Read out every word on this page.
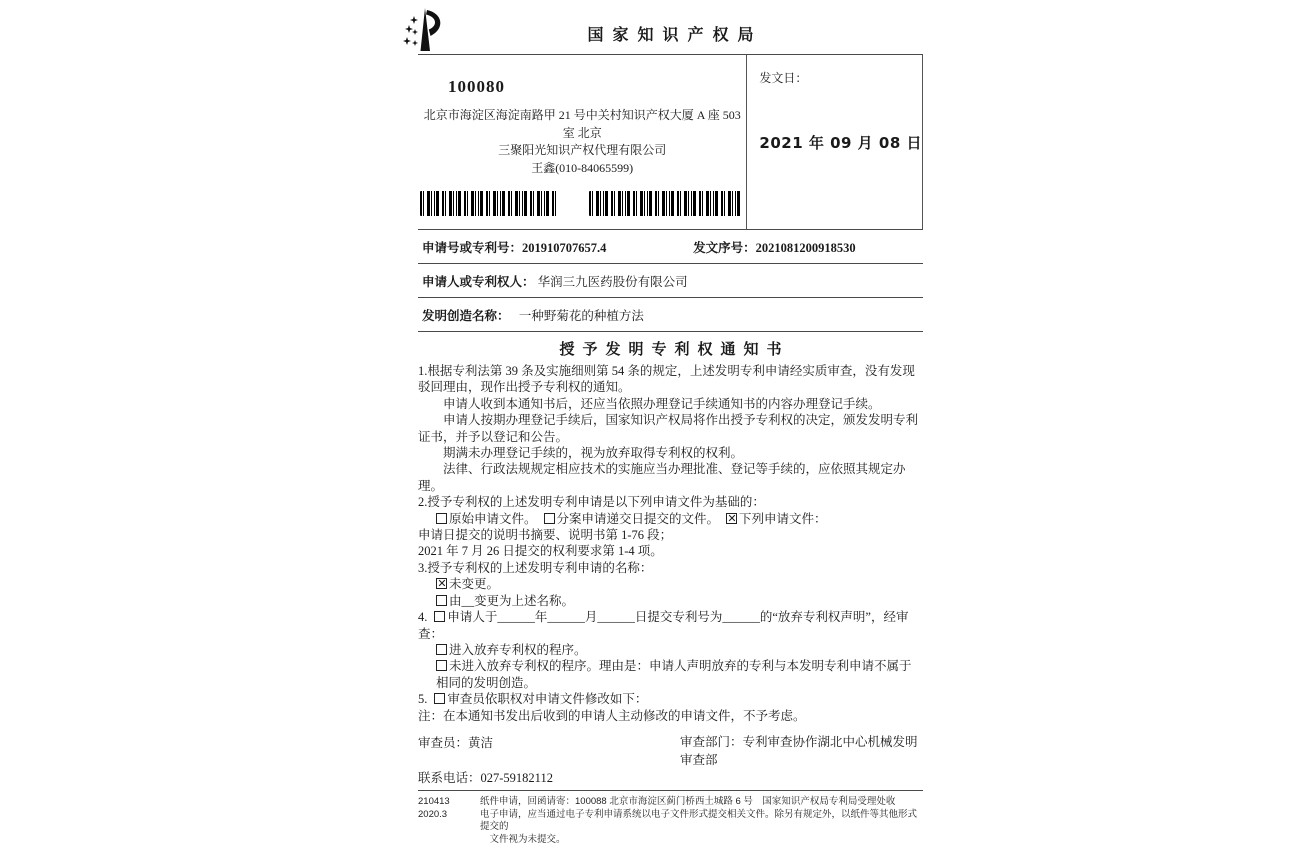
国家知识产权局
100080
北京市海淀区海淀南路甲 21 号中关村知识产权大厦 A 座 503 室 北京
三聚阳光知识产权代理有限公司
王鑫(010-84065599)
发文日：
2021 年 09 月 08 日
申请号或专利号：201910707657.4	发文序号：2021081200918530
申请人或专利权人： 华润三九医药股份有限公司
发明创造名称： 一种野菊花的种植方法
授予发明专利权通知书

1.根据专利法第 39 条及实施细则第 54 条的规定，上述发明专利申请经实质审查，没有发现驳回理由，现作出授予专利权的通知。

申请人收到本通知书后，还应当依照办理登记手续通知书的内容办理登记手续。

申请人按期办理登记手续后，国家知识产权局将作出授予专利权的决定，颁发发明专利证书，并予以登记和公告。

期满未办理登记手续的，视为放弃取得专利权的权利。

法律、行政法规规定相应技术的实施应当办理批准、登记等手续的，应依照其规定办理。

2.授予专利权的上述发明专利申请是以下列申请文件为基础的：

原始申请文件。 分案申请递交日提交的文件。 ✕ 下列申请文件：

申请日提交的说明书摘要、说明书第 1-76 段；

2021 年 7 月 26 日提交的权利要求第 1-4 项。

3.授予专利权的上述发明专利申请的名称：

✕未变更。
由__变更为上述名称。
4. 申请人于______年______月______日提交专利号为______的“放弃专利权声明”，经审查：
进入放弃专利权的程序。
未进入放弃专利权的程序。理由是：申请人声明放弃的专利与本发明专利申请不属于相同的发明创造。
5. 审查员依职权对申请文件修改如下：

注：在本通知书发出后收到的申请人主动修改的申请文件，不予考虑。

审查员：黄洁
联系电话：027-59182112
审查部门：专利审查协作湖北中心机械发明
审查部
210413
2020.3
纸件申请，回函请寄：100088 北京市海淀区蓟门桥西土城路 6 号　国家知识产权局专利局受理处收
电子申请，应当通过电子专利申请系统以电子文件形式提交相关文件。除另有规定外，以纸件等其他形式提交的
文件视为未提交。
